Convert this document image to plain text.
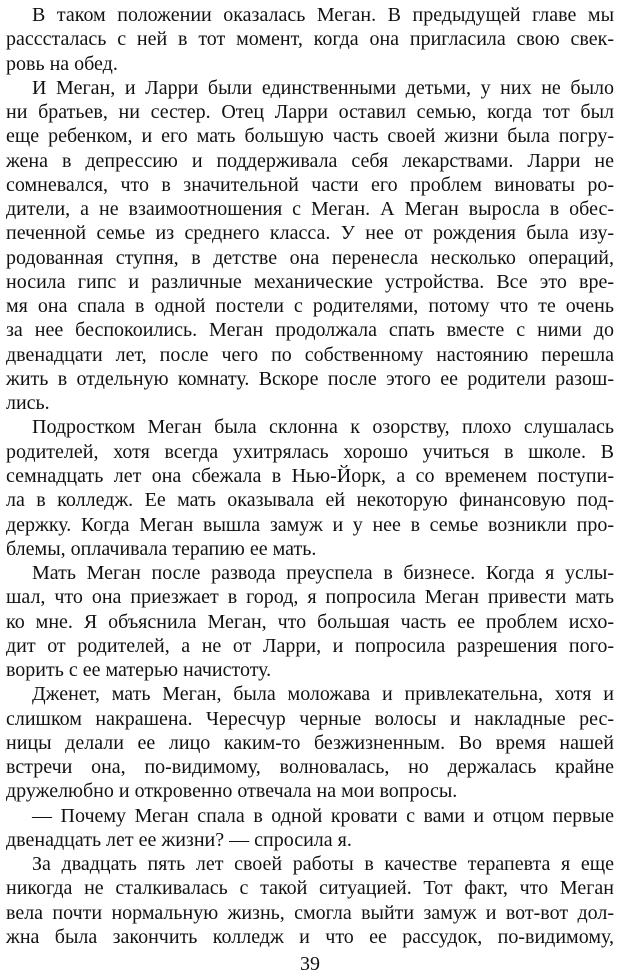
В таком положении оказалась Меган. В предыдущей главе мы
расссталась с ней в тот момент, когда она пригласила свою свек-
ровь на обед.
И Меган, и Ларри были единственными детьми, у них не было
ни братьев, ни сестер. Отец Ларри оставил семью, когда тот был
еще ребенком, и его мать большую часть своей жизни была погру-
жена в депрессию и поддерживала себя лекарствами. Ларри не
сомневался, что в значительной части его проблем виноваты ро-
дители, а не взаимоотношения с Меган. А Меган выросла в обес-
печенной семье из среднего класса. У нее от рождения была изу-
родованная ступня, в детстве она перенесла несколько операций,
носила гипс и различные механические устройства. Все это вре-
мя она спала в одной постели с родителями, потому что те очень
за нее беспокоились. Меган продолжала спать вместе с ними до
двенадцати лет, после чего по собственному настоянию перешла
жить в отдельную комнату. Вскоре после этого ее родители разош-
лись.
Подростком Меган была склонна к озорству, плохо слушалась
родителей, хотя всегда ухитрялась хорошо учиться в школе. В
семнадцать лет она сбежала в Нью-Йорк, а со временем поступи-
ла в колледж. Ее мать оказывала ей некоторую финансовую под-
держку. Когда Меган вышла замуж и у нее в семье возникли про-
блемы, оплачивала терапию ее мать.
Мать Меган после развода преуспела в бизнесе. Когда я услы-
шал, что она приезжает в город, я попросила Меган привести мать
ко мне. Я объяснила Меган, что большая часть ее проблем исхо-
дит от родителей, а не от Ларри, и попросила разрешения пого-
ворить с ее матерью начистоту.
Дженет, мать Меган, была моложава и привлекательна, хотя и
слишком накрашена. Чересчур черные волосы и накладные рес-
ницы делали ее лицо каким-то безжизненным. Во время нашей
встречи она, по-видимому, волновалась, но держалась крайне
дружелюбно и откровенно отвечала на мои вопросы.
— Почему Меган спала в одной кровати с вами и отцом первые
двенадцать лет ее жизни? — спросила я.
За двадцать пять лет своей работы в качестве терапевта я еще
никогда не сталкивалась с такой ситуацией. Тот факт, что Меган
вела почти нормальную жизнь, смогла выйти замуж и вот-вот дол-
жна была закончить колледж и что ее рассудок, по-видимому,
39
